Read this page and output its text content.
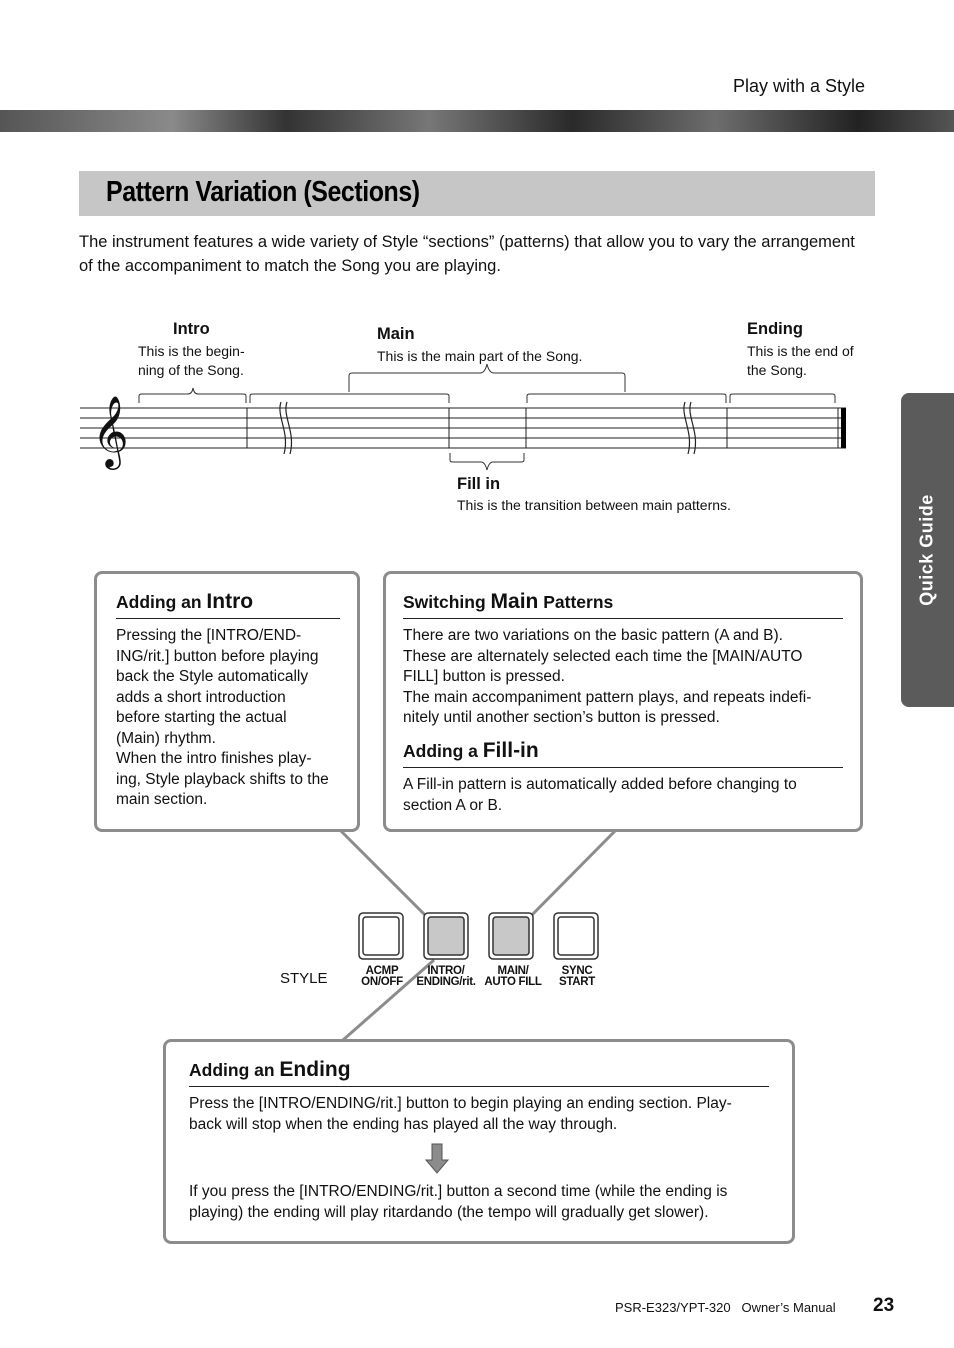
Play with a Style
Pattern Variation (Sections)
The instrument features a wide variety of Style “sections” (patterns) that allow you to vary the arrangement of the accompaniment to match the Song you are playing.
Quick Guide
Intro
This is the begin-
ning of the Song.
Main
This is the main part of the Song.
Ending
This is the end of
the Song.
Fill in
This is the transition between main patterns.
𝄞
Adding an Intro
Pressing the [INTRO/END-
ING/rit.] button before playing
back the Style automatically
adds a short introduction
before starting the actual
(Main) rhythm.
When the intro finishes play-
ing, Style playback shifts to the
main section.
Switching Main Patterns
There are two variations on the basic pattern (A and B).
These are alternately selected each time the [MAIN/AUTO
FILL] button is pressed.
The main accompaniment pattern plays, and repeats indefi-
nitely until another section’s button is pressed.
Adding a Fill-in
A Fill-in pattern is automatically added before changing to
section A or B.
STYLE	ACMP
ON/OFF
INTRO/
ENDING/rit.
MAIN/
AUTO FILL
SYNC
START
Adding an Ending
Press the [INTRO/ENDING/rit.] button to begin playing an ending section. Play-
back will stop when the ending has played all the way through.
If you press the [INTRO/ENDING/rit.] button a second time (while the ending is
playing) the ending will play ritardando (the tempo will gradually get slower).
PSR-E323/YPT-320   Owner’s Manual 23
